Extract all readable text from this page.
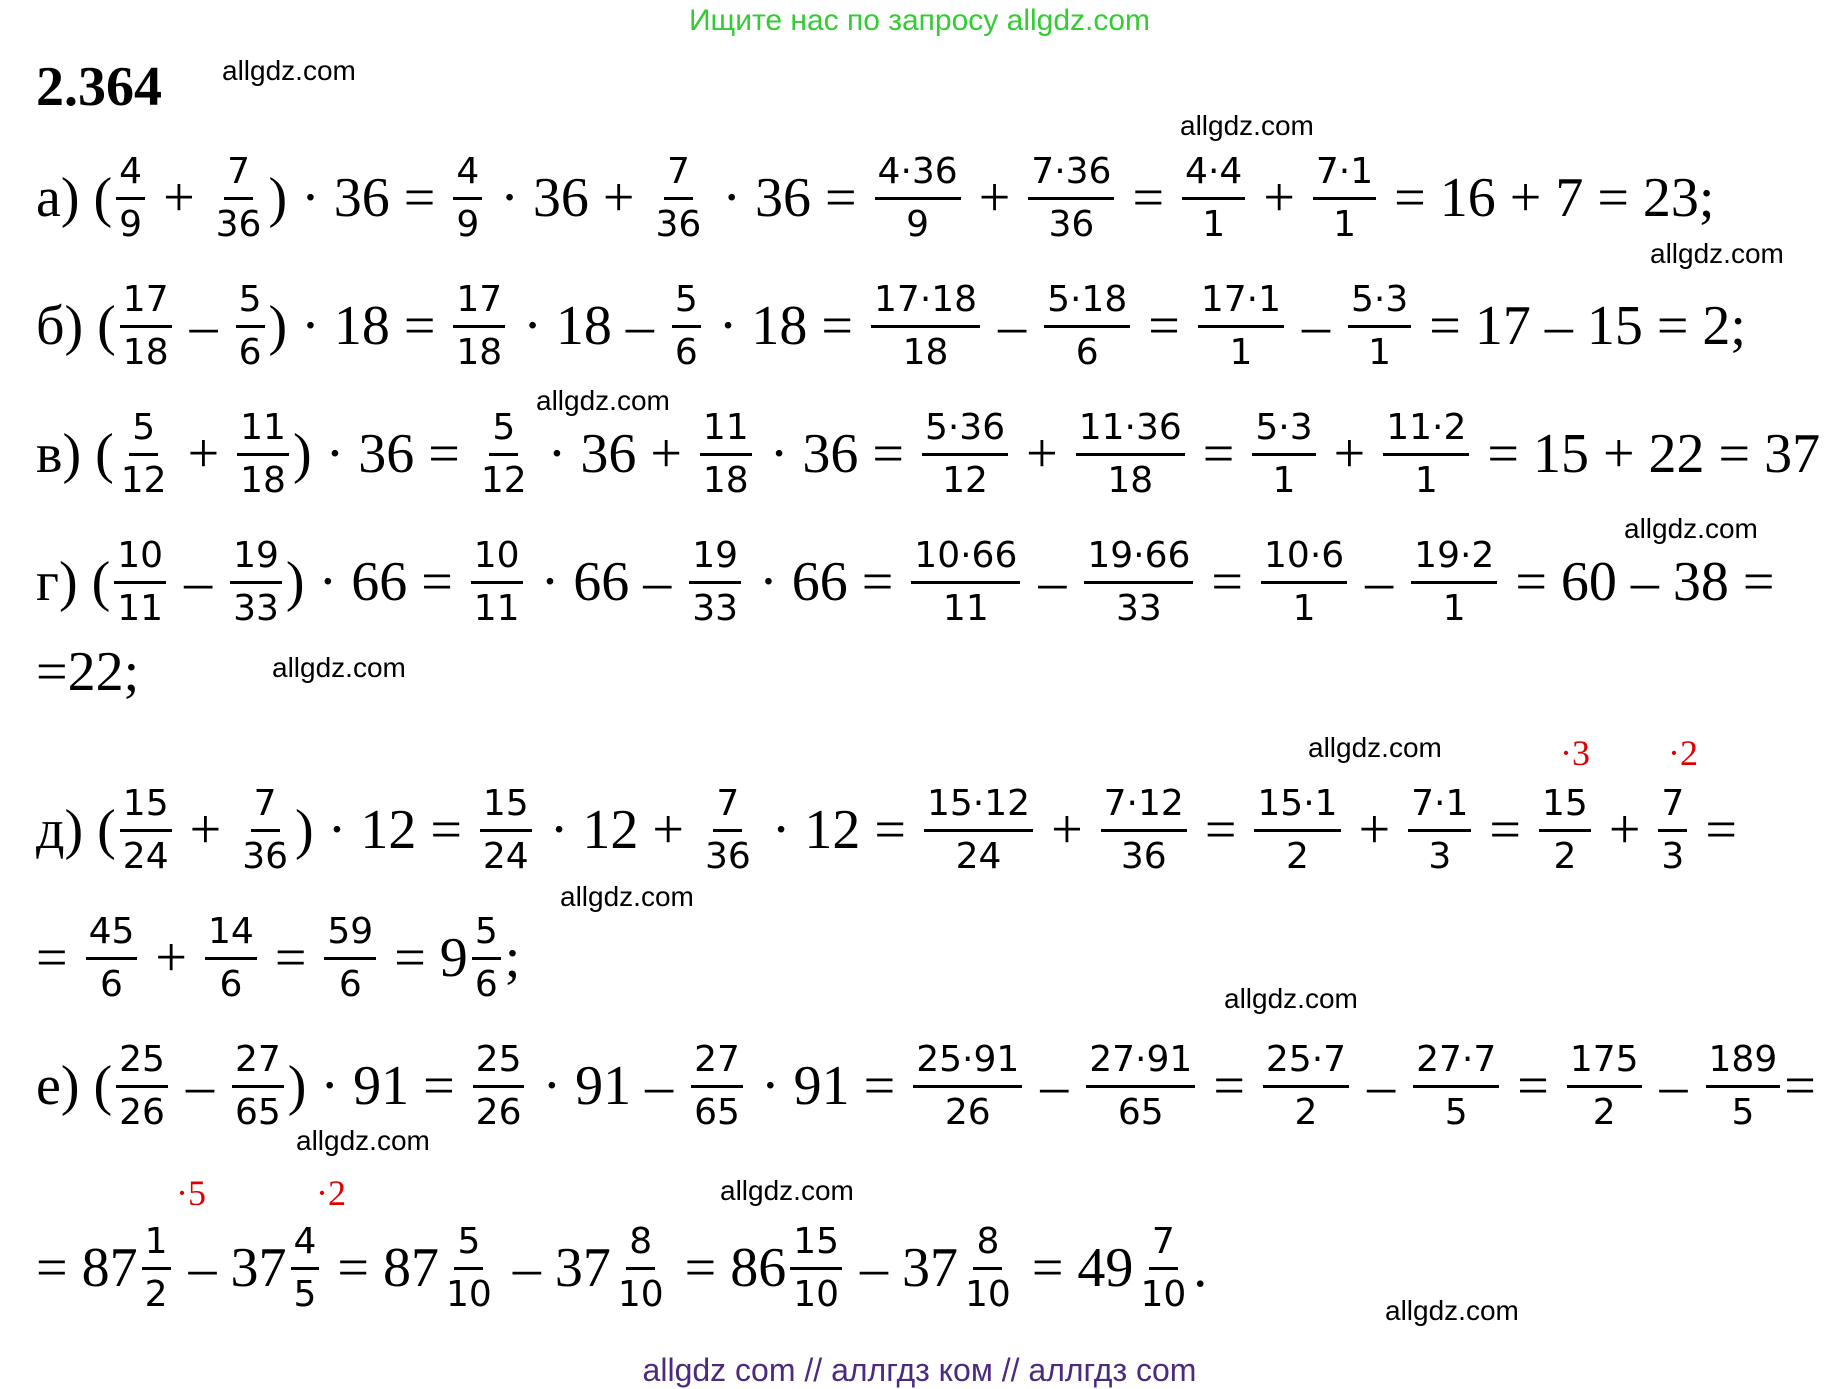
Ищите нас по запросу allgdz.com
2.364 allgdz.com
allgdz.com
allgdz.com
allgdz.com
allgdz.com
allgdz.com
allgdz.com
allgdz.com
allgdz.com
allgdz.com
allgdz.com
allgdz.com
·3 ·2
·5	·2
а) ( $\frac{4}{9} + \frac{7}{36}$ ) · $36 = \frac{4}{9} \cdot 36 + \frac{7}{36} \cdot 36 = \frac{4\cdot 36}{9} + \frac{7\cdot 36}{36} = \frac{4\cdot 4}{1} + \frac{7\cdot 1}{1} = 16 + 7 = 23$;
б) ( $\frac{17}{18} - \frac{5}{6}$ ) · $18 = \frac{17}{18} \cdot 18 - \frac{5}{6} \cdot 18 = \frac{17\cdot 18}{18} - \frac{5\cdot 18}{6} = \frac{17\cdot 1}{1} - \frac{5\cdot 3}{1} = 17 - 15 = 2$;
в) ( $\frac{5}{12} + \frac{11}{18}$ ) · $36 = \frac{5}{12} \cdot 36 + \frac{11}{18} \cdot 36 = \frac{5\cdot 36}{12} + \frac{11\cdot 36}{18} = \frac{5\cdot 3}{1} + \frac{11\cdot 2}{1} = 15 + 22 = 37$
г) ( $\frac{10}{11} - \frac{19}{33}$ ) · $66 = \frac{10}{11} \cdot 66 - \frac{19}{33} \cdot 66 = \frac{10\cdot 66}{11} - \frac{19\cdot 66}{33} = \frac{10\cdot 6}{1} - \frac{19\cdot 2}{1} = 60 - 38$ =
=22;
д) ( $\frac{15}{24} + \frac{7}{36}$ ) · $12 = \frac{15}{24} \cdot 12 + \frac{7}{36} \cdot 12 = \frac{15\cdot 12}{24} + \frac{7\cdot 12}{36} = \frac{15\cdot 1}{2} + \frac{7\cdot 1}{3} = \frac{15}{2} + \frac{7}{3}$ =
= $\frac{45}{6} + \frac{14}{6} = \frac{59}{6} = 9 \frac{5}{6}$ ;
е) ( $\frac{25}{26} - \frac{27}{65}$ ) · $91 = \frac{25}{26} \cdot 91 - \frac{27}{65} \cdot 91 = \frac{25\cdot 91}{26} - \frac{27\cdot 91}{65} = \frac{25\cdot 7}{2} - \frac{27\cdot 7}{5} = \frac{175}{2} - \frac{189}{5}$ =
= $87 \frac{1}{2} - 37 \frac{4}{5} = 87 \frac{5}{10} - 37 \frac{8}{10} = 86 \frac{15}{10} - 37 \frac{8}{10} = 49 \frac{7}{10}$ .
allgdz com // аллгдз ком // аллгдз com
